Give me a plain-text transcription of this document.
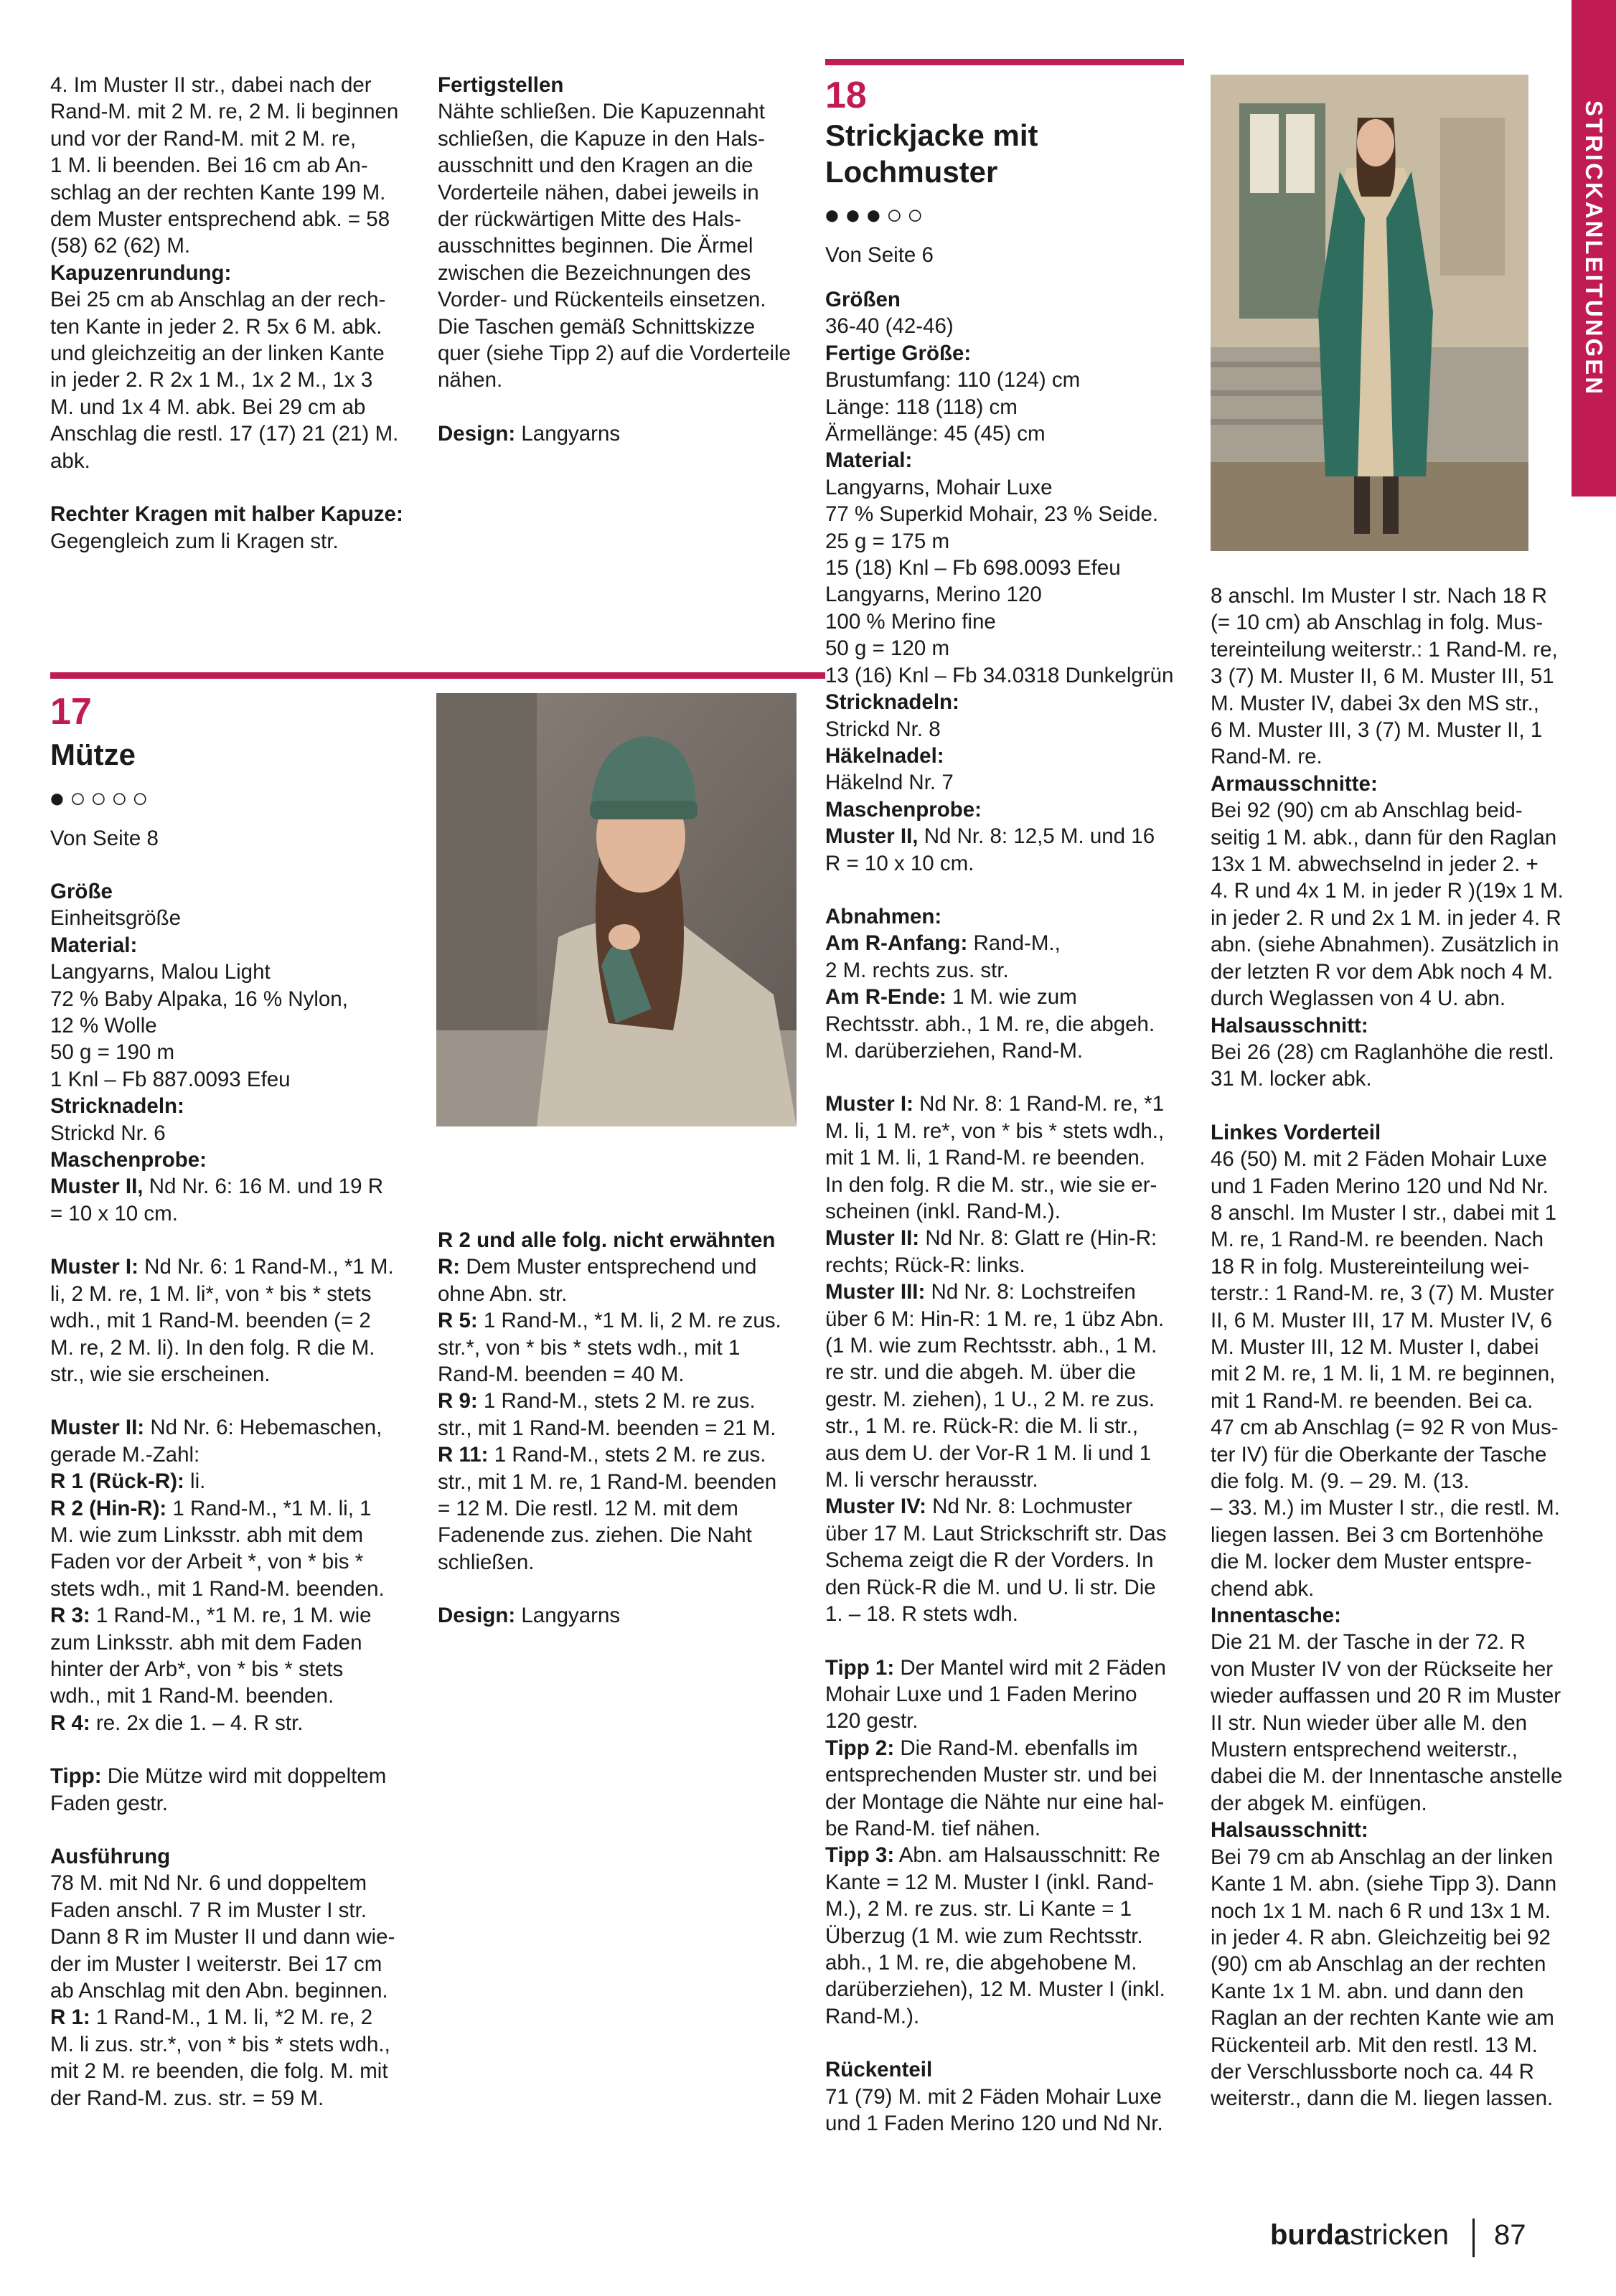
STRICKANLEITUNGEN
4. Im Muster II str., dabei nach der
Rand-M. mit 2 M. re, 2 M. li beginnen
und vor der Rand-M. mit 2 M. re,
1 M. li beenden. Bei 16 cm ab An-
schlag an der rechten Kante 199 M.
dem Muster entsprechend abk. = 58
(58) 62 (62) M.
Kapuzenrundung:
Bei 25 cm ab Anschlag an der rech-
ten Kante in jeder 2. R 5x 6 M. abk.
und gleichzeitig an der linken Kante
in jeder 2. R 2x 1 M., 1x 2 M., 1x 3
M. und 1x 4 M. abk. Bei 29 cm ab
Anschlag die restl. 17 (17) 21 (21) M.
abk.
Rechter Kragen mit halber Kapuze:
Gegengleich zum li Kragen str.
Fertigstellen
Nähte schließen. Die Kapuzennaht
schließen, die Kapuze in den Hals-
ausschnitt und den Kragen an die
Vorderteile nähen, dabei jeweils in
der rückwärtigen Mitte des Hals-
ausschnittes beginnen. Die Ärmel
zwischen die Bezeichnungen des
Vorder- und Rückenteils einsetzen.
Die Taschen gemäß Schnittskizze
quer (siehe Tipp 2) auf die Vorderteile
nähen.
Design: Langyarns
17
Mütze
●○○○○
Von Seite 8
Größe
Einheitsgröße
Material:
Langyarns, Malou Light
72 % Baby Alpaka, 16 % Nylon,
12 % Wolle
50 g = 190 m
1 Knl – Fb 887.0093 Efeu
Stricknadeln:
Strickd Nr. 6
Maschenprobe:
Muster II, Nd Nr. 6: 16 M. und 19 R
= 10 x 10 cm.
Muster I: Nd Nr. 6: 1 Rand-M., *1 M.
li, 2 M. re, 1 M. li*, von * bis * stets
wdh., mit 1 Rand-M. beenden (= 2
M. re, 2 M. li). In den folg. R die M.
str., wie sie erscheinen.
Muster II: Nd Nr. 6: Hebemaschen,
gerade M.-Zahl:
R 1 (Rück-R): li.
R 2 (Hin-R): 1 Rand-M., *1 M. li, 1
M. wie zum Linksstr. abh mit dem
Faden vor der Arbeit *, von * bis *
stets wdh., mit 1 Rand-M. beenden.
R 3: 1 Rand-M., *1 M. re, 1 M. wie
zum Linksstr. abh mit dem Faden
hinter der Arb*, von * bis * stets
wdh., mit 1 Rand-M. beenden.
R 4: re. 2x die 1. – 4. R str.
Tipp: Die Mütze wird mit doppeltem
Faden gestr.
Ausführung
78 M. mit Nd Nr. 6 und doppeltem
Faden anschl. 7 R im Muster I str.
Dann 8 R im Muster II und dann wie-
der im Muster I weiterstr. Bei 17 cm
ab Anschlag mit den Abn. beginnen.
R 1: 1 Rand-M., 1 M. li, *2 M. re, 2
M. li zus. str.*, von * bis * stets wdh.,
mit 2 M. re beenden, die folg. M. mit
der Rand-M. zus. str. = 59 M.
R 2 und alle folg. nicht erwähnten
R: Dem Muster entsprechend und
ohne Abn. str.
R 5: 1 Rand-M., *1 M. li, 2 M. re zus.
str.*, von * bis * stets wdh., mit 1
Rand-M. beenden = 40 M.
R 9: 1 Rand-M., stets 2 M. re zus.
str., mit 1 Rand-M. beenden = 21 M.
R 11: 1 Rand-M., stets 2 M. re zus.
str., mit 1 M. re, 1 Rand-M. beenden
= 12 M. Die restl. 12 M. mit dem
Fadenende zus. ziehen. Die Naht
schließen.
Design: Langyarns
18
Strickjacke mit
Lochmuster
●●●○○
Von Seite 6
Größen
36-40 (42-46)
Fertige Größe:
Brustumfang: 110 (124) cm
Länge: 118 (118) cm
Ärmellänge: 45 (45) cm
Material:
Langyarns, Mohair Luxe
77 % Superkid Mohair, 23 % Seide.
25 g = 175 m
15 (18) Knl – Fb 698.0093 Efeu
Langyarns, Merino 120
100 % Merino fine
50 g = 120 m
13 (16) Knl – Fb 34.0318 Dunkelgrün
Stricknadeln:
Strickd Nr. 8
Häkelnadel:
Häkelnd Nr. 7
Maschenprobe:
Muster II, Nd Nr. 8: 12,5 M. und 16
R = 10 x 10 cm.
Abnahmen:
Am R-Anfang: Rand-M.,
2 M. rechts zus. str.
Am R-Ende: 1 M. wie zum
Rechtsstr. abh., 1 M. re, die abgeh.
M. darüberziehen, Rand-M.
Muster I: Nd Nr. 8: 1 Rand-M. re, *1
M. li, 1 M. re*, von * bis * stets wdh.,
mit 1 M. li, 1 Rand-M. re beenden.
In den folg. R die M. str., wie sie er-
scheinen (inkl. Rand-M.).
Muster II: Nd Nr. 8: Glatt re (Hin-R:
rechts; Rück-R: links.
Muster III: Nd Nr. 8: Lochstreifen
über 6 M: Hin-R: 1 M. re, 1 übz Abn.
(1 M. wie zum Rechtsstr. abh., 1 M.
re str. und die abgeh. M. über die
gestr. M. ziehen), 1 U., 2 M. re zus.
str., 1 M. re. Rück-R: die M. li str.,
aus dem U. der Vor-R 1 M. li und 1
M. li verschr herausstr.
Muster IV: Nd Nr. 8: Lochmuster
über 17 M. Laut Strickschrift str. Das
Schema zeigt die R der Vorders. In
den Rück-R die M. und U. li str. Die
1. – 18. R stets wdh.
Tipp 1: Der Mantel wird mit 2 Fäden
Mohair Luxe und 1 Faden Merino
120 gestr.
Tipp 2: Die Rand-M. ebenfalls im
entsprechenden Muster str. und bei
der Montage die Nähte nur eine hal-
be Rand-M. tief nähen.
Tipp 3: Abn. am Halsausschnitt: Re
Kante = 12 M. Muster I (inkl. Rand-
M.), 2 M. re zus. str. Li Kante = 1
Überzug (1 M. wie zum Rechtsstr.
abh., 1 M. re, die abgehobene M.
darüberziehen), 12 M. Muster I (inkl.
Rand-M.).
Rückenteil
71 (79) M. mit 2 Fäden Mohair Luxe
und 1 Faden Merino 120 und Nd Nr.
8 anschl. Im Muster I str. Nach 18 R
(= 10 cm) ab Anschlag in folg. Mus-
tereinteilung weiterstr.: 1 Rand-M. re,
3 (7) M. Muster II, 6 M. Muster III, 51
M. Muster IV, dabei 3x den MS str.,
6 M. Muster III, 3 (7) M. Muster II, 1
Rand-M. re.
Armausschnitte:
Bei 92 (90) cm ab Anschlag beid-
seitig 1 M. abk., dann für den Raglan
13x 1 M. abwechselnd in jeder 2. +
4. R und 4x 1 M. in jeder R )(19x 1 M.
in jeder 2. R und 2x 1 M. in jeder 4. R
abn. (siehe Abnahmen). Zusätzlich in
der letzten R vor dem Abk noch 4 M.
durch Weglassen von 4 U. abn.
Halsausschnitt:
Bei 26 (28) cm Raglanhöhe die restl.
31 M. locker abk.
Linkes Vorderteil
46 (50) M. mit 2 Fäden Mohair Luxe
und 1 Faden Merino 120 und Nd Nr.
8 anschl. Im Muster I str., dabei mit 1
M. re, 1 Rand-M. re beenden. Nach
18 R in folg. Mustereinteilung wei-
terstr.: 1 Rand-M. re, 3 (7) M. Muster
II, 6 M. Muster III, 17 M. Muster IV, 6
M. Muster III, 12 M. Muster I, dabei
mit 2 M. re, 1 M. li, 1 M. re beginnen,
mit 1 Rand-M. re beenden. Bei ca.
47 cm ab Anschlag (= 92 R von Mus-
ter IV) für die Oberkante der Tasche
die folg. M. (9. – 29. M. (13.
– 33. M.) im Muster I str., die restl. M.
liegen lassen. Bei 3 cm Bortenhöhe
die M. locker dem Muster entspre-
chend abk.
Innentasche:
Die 21 M. der Tasche in der 72. R
von Muster IV von der Rückseite her
wieder auffassen und 20 R im Muster
II str. Nun wieder über alle M. den
Mustern entsprechend weiterstr.,
dabei die M. der Innentasche anstelle
der abgek M. einfügen.
Halsausschnitt:
Bei 79 cm ab Anschlag an der linken
Kante 1 M. abn. (siehe Tipp 3). Dann
noch 1x 1 M. nach 6 R und 13x 1 M.
in jeder 4. R abn. Gleichzeitig bei 92
(90) cm ab Anschlag an der rechten
Kante 1x 1 M. abn. und dann den
Raglan an der rechten Kante wie am
Rückenteil arb. Mit den restl. 13 M.
der Verschlussborte noch ca. 44 R
weiterstr., dann die M. liegen lassen.
burdastricken 87
